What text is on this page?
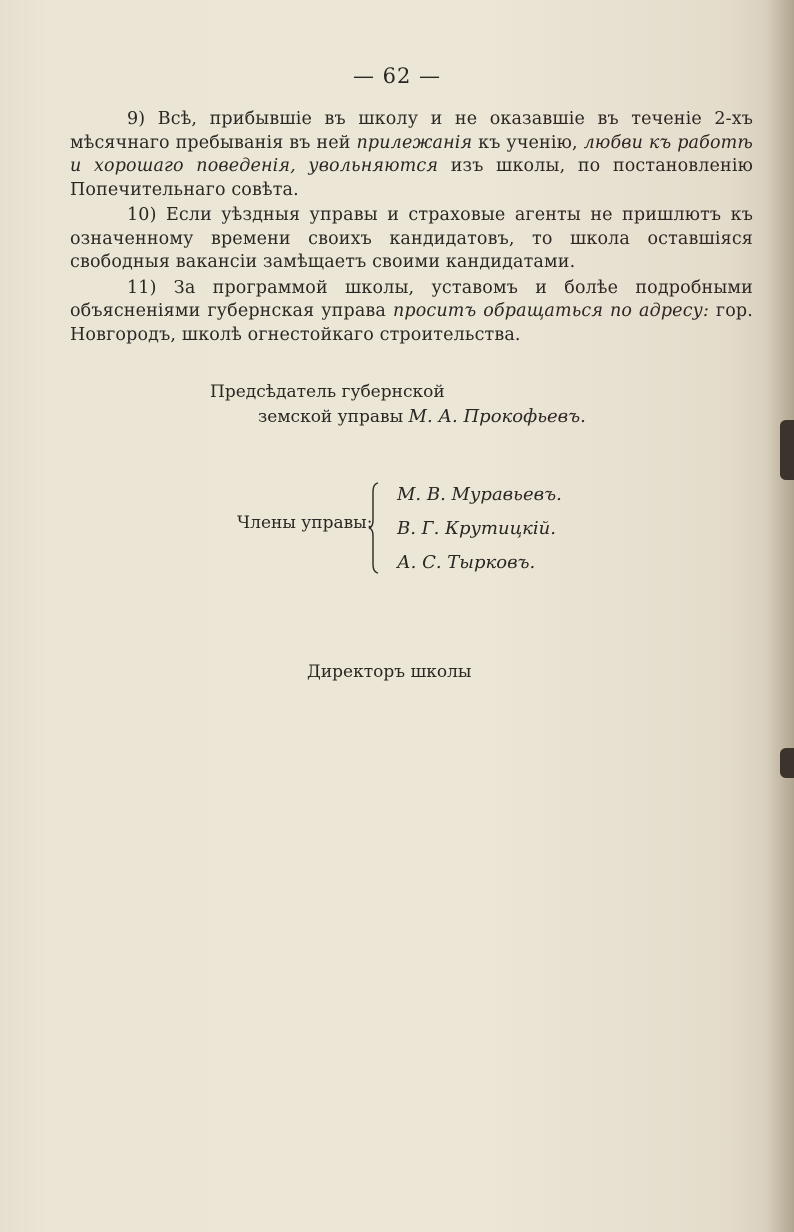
— 62 —

9) Всѣ, прибывшіе въ школу и не оказавшіе въ теченіе 2-хъ мѣсячнаго пребыванія въ ней прилежанія къ ученію, любви къ работѣ и хорошаго поведенія, увольняются изъ школы, по постановленію Попечительнаго совѣта.

10) Если уѣздныя управы и страховые агенты не пришлютъ къ означенному времени своихъ кандидатовъ, то школа оставшіяся свободныя вакансіи замѣщаетъ своими кандидатами.

11) За программой школы, уставомъ и болѣе подробными объясненіями губернская управа проситъ обращаться по адресу: гор. Новгородъ, школѣ огнестойкаго строительства.

Предсѣдатель губернской
земской управы М. А. Прокофьевъ.
Члены управы:
М. В. Муравьевъ.
В. Г. Крутицкій.
А. С. Тырковъ.
Директоръ школы
